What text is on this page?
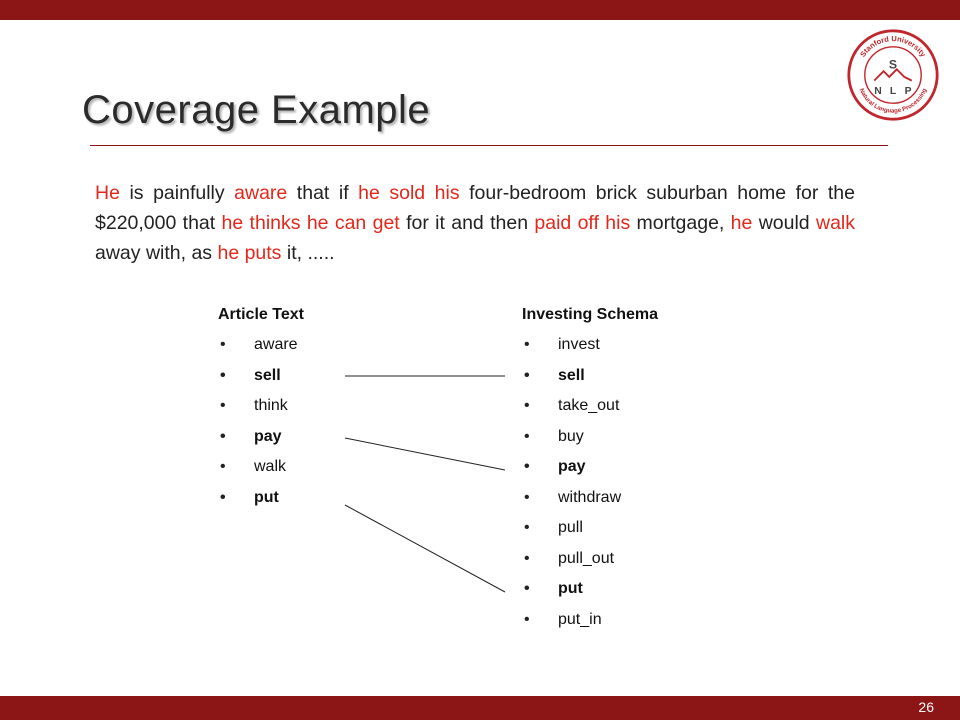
Coverage Example
Stanford University
Natural Language Processing
S
N L P
He is painfully aware that if he sold his four-bedroom brick suburban home for the $220,000 that he thinks he can get for it and then paid off his mortgage, he would walk away with, as he puts it, .....
Article Text
• aware
• sell
• think
• pay
• walk
• put
Investing Schema
• invest
• sell
• take_out
• buy
• pay
• withdraw
• pull
• pull_out
• put
• put_in
26
